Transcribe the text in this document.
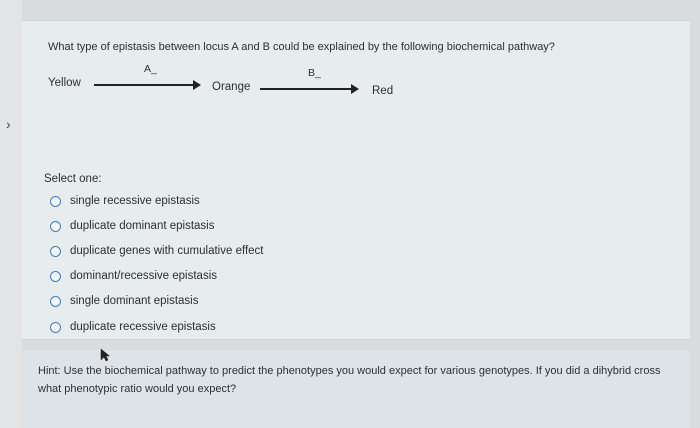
›
What type of epistasis between locus A and B could be explained by the following biochemical pathway?
A_	B_
Yellow	Orange	Red
Select one:
single recessive epistasis
duplicate dominant epistasis
duplicate genes with cumulative effect
dominant/recessive epistasis
single dominant epistasis
duplicate recessive epistasis
Hint: Use the biochemical pathway to predict the phenotypes you would expect for various genotypes. If you did a dihybrid cross what phenotypic ratio would you expect?
